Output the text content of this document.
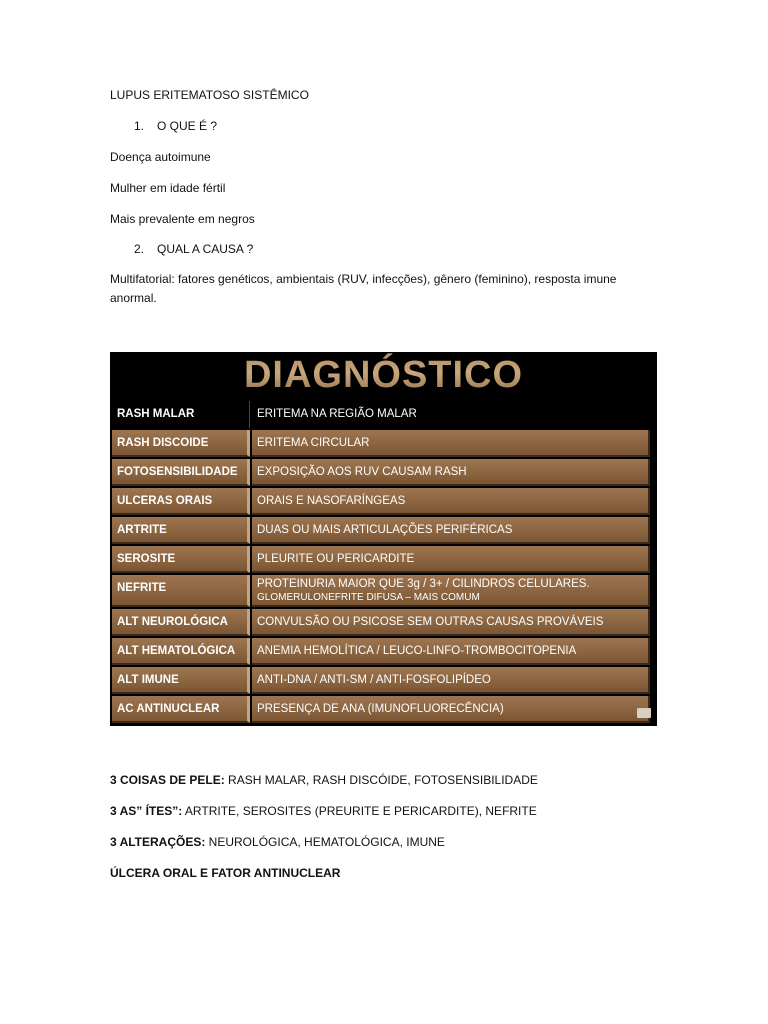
LUPUS ERITEMATOSO SISTÊMICO
1. O QUE É ?
Doença autoimune
Mulher em idade fértil
Mais prevalente em negros
2. QUAL A CAUSA ?
Multifatorial: fatores genéticos, ambientais (RUV, infecções), gênero (feminino), resposta imune anormal.
DIAGNÓSTICO
RASH MALAR	ERITEMA NA REGIÃO MALAR
RASH DISCOIDE	ERITEMA CIRCULAR
FOTOSENSIBILIDADE	EXPOSIÇÃO AOS RUV CAUSAM RASH
ULCERAS ORAIS	ORAIS E NASOFARÍNGEAS
ARTRITE	DUAS OU MAIS ARTICULAÇÕES PERIFÉRICAS
SEROSITE	PLEURITE OU PERICARDITE
NEFRITE	PROTEINURIA MAIOR QUE 3g / 3+ / CILINDROS CELULARES.
GLOMERULONEFRITE DIFUSA – MAIS COMUM
ALT NEUROLÓGICA	CONVULSÃO OU PSICOSE SEM OUTRAS CAUSAS PROVÁVEIS
ALT HEMATOLÓGICA	ANEMIA HEMOLÍTICA / LEUCO-LINFO-TROMBOCITOPENIA
ALT IMUNE	ANTI-DNA / ANTI-SM / ANTI-FOSFOLIPÍDEO
AC ANTINUCLEAR	PRESENÇA DE ANA (IMUNOFLUORECÊNCIA)
3 COISAS DE PELE: RASH MALAR, RASH DISCÓIDE, FOTOSENSIBILIDADE
3 AS” ÍTES”: ARTRITE, SEROSITES (PREURITE E PERICARDITE), NEFRITE
3 ALTERAÇÕES: NEUROLÓGICA, HEMATOLÓGICA, IMUNE
ÚLCERA ORAL E FATOR ANTINUCLEAR
